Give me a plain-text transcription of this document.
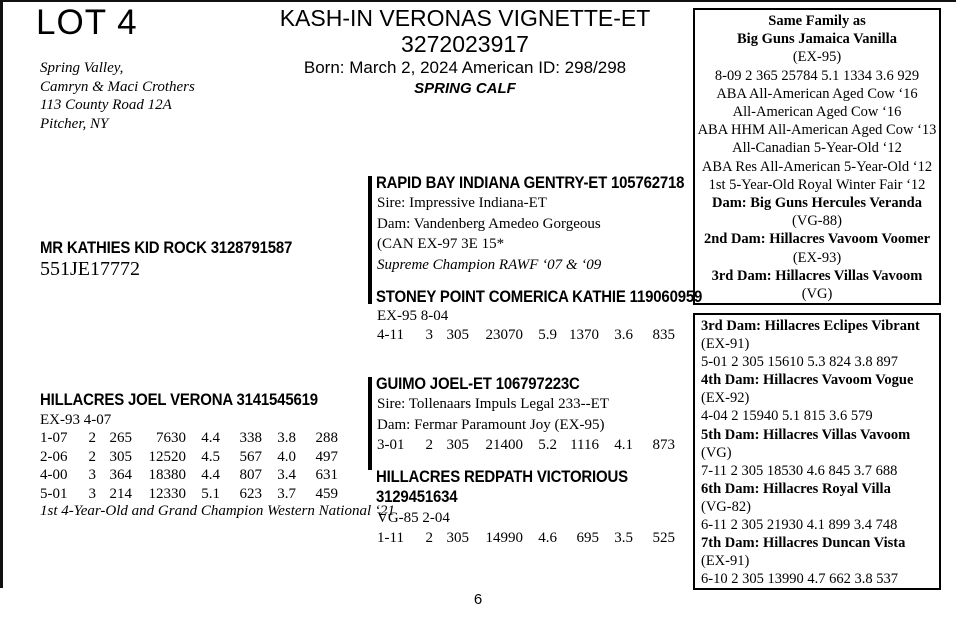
LOT 4
Spring Valley,
Camryn & Maci Crothers
113 County Road 12A
Pitcher, NY
KASH-IN VERONAS VIGNETTE-ET
3272023917
Born: March 2, 2024 American ID: 298/298
SPRING CALF
Same Family as
Big Guns Jamaica Vanilla
(EX-95)
8-09 2 365 25784 5.1 1334 3.6 929
ABA All-American Aged Cow ‘16
All-American Aged Cow ‘16
ABA HHM All-American Aged Cow ‘13
All-Canadian 5-Year-Old ‘12
ABA Res All-American 5-Year-Old ‘12
1st 5-Year-Old Royal Winter Fair ‘12
Dam: Big Guns Hercules Veranda
(VG-88)
2nd Dam: Hillacres Vavoom Voomer
(EX-93)
3rd Dam: Hillacres Villas Vavoom
(VG)
3rd Dam: Hillacres Eclipes Vibrant
(EX-91)
5-01 2 305 15610 5.3 824 3.8 897
4th Dam: Hillacres Vavoom Vogue
(EX-92)
4-04 2 15940 5.1 815 3.6 579
5th Dam: Hillacres Villas Vavoom
(VG)
7-11 2 305 18530 4.6 845 3.7 688
6th Dam: Hillacres Royal Villa
(VG-82)
6-11 2 305 21930 4.1 899 3.4 748
7th Dam: Hillacres Duncan Vista
(EX-91)
6-10 2 305 13990 4.7 662 3.8 537
MR KATHIES KID ROCK 3128791587
551JE17772
HILLACRES JOEL VERONA 3141545619
EX-93 4-07
1-07	2 265	7630	4.4	338	3.8	288
2-06	2 305	12520	4.5	567	4.0	497
4-00	3 364	18380	4.4	807	3.4	631
5-01	3 214	12330	5.1	623	3.7	459
1st 4-Year-Old and Grand Champion Western National ‘21
RAPID BAY INDIANA GENTRY-ET 105762718
Sire: Impressive Indiana-ET
Dam: Vandenberg Amedeo Gorgeous
(CAN EX-97 3E 15*
Supreme Champion RAWF ‘07 & ‘09
STONEY POINT COMERICA KATHIE 119060959
EX-95 8-04
4-11	3 305	23070	5.9 1370	3.6	835
GUIMO JOEL-ET 106797223C
Sire: Tollenaars Impuls Legal 233--ET
Dam: Fermar Paramount Joy (EX-95)
3-01	2 305	21400	5.2 1116	4.1	873
HILLACRES REDPATH VICTORIOUS
3129451634
VG-85 2-04
1-11	2 305	14990	4.6	695	3.5	525
6
